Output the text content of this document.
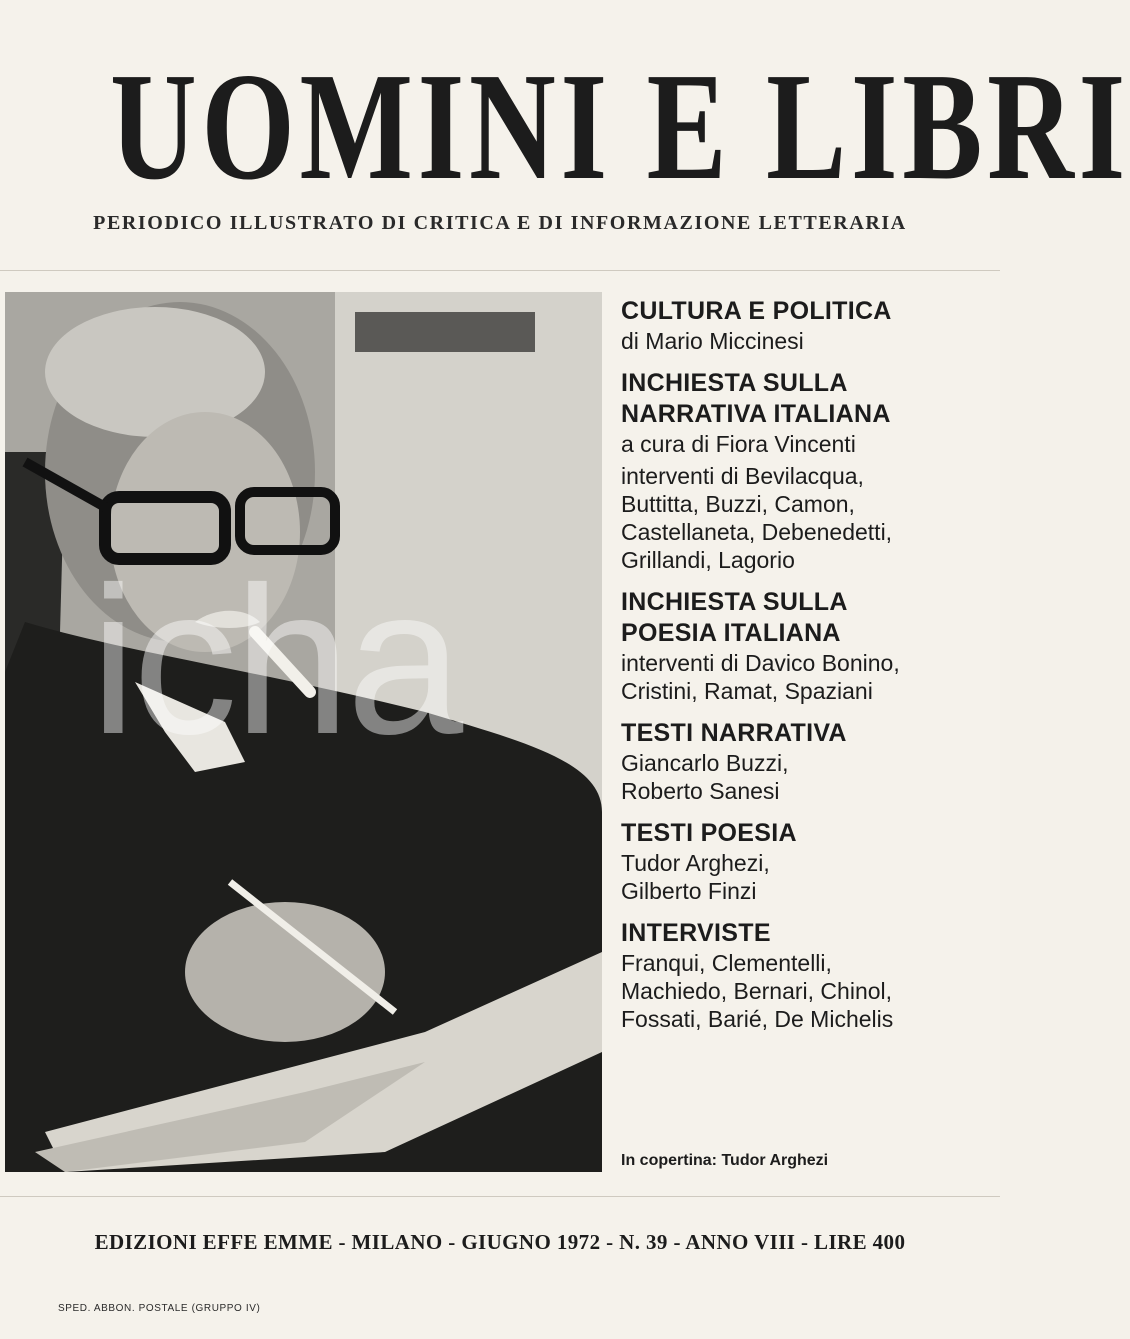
UOMINI E LIBRI
PERIODICO ILLUSTRATO DI CRITICA E DI INFORMAZIONE LETTERARIA
icha
CULTURA E POLITICA
di Mario Miccinesi
INCHIESTA SULLA
NARRATIVA ITALIANA
a cura di Fiora Vincenti
interventi di Bevilacqua,
Buttitta, Buzzi, Camon,
Castellaneta, Debenedetti,
Grillandi, Lagorio
INCHIESTA SULLA
POESIA ITALIANA
interventi di Davico Bonino,
Cristini, Ramat, Spaziani
TESTI NARRATIVA
Giancarlo Buzzi,
Roberto Sanesi
TESTI POESIA
Tudor Arghezi,
Gilberto Finzi
INTERVISTE
Franqui, Clementelli,
Machiedo, Bernari, Chinol,
Fossati, Barié, De Michelis
In copertina: Tudor Arghezi
EDIZIONI EFFE EMME - MILANO - GIUGNO 1972 - N. 39 - ANNO VIII - LIRE 400
SPED. ABBON. POSTALE (GRUPPO IV)
